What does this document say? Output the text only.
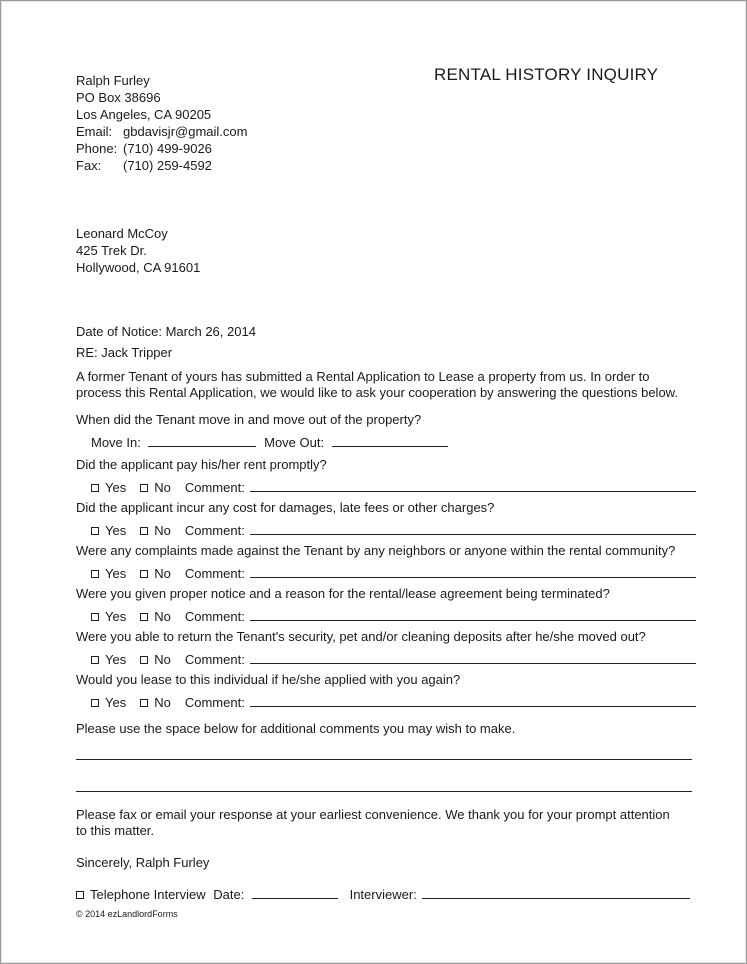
RENTAL HISTORY INQUIRY
Ralph Furley
PO Box 38696
Los Angeles, CA 90205
Email: gbdavisjr@gmail.com
Phone: (710) 499-9026
Fax: (710) 259-4592
Leonard McCoy
425 Trek Dr.
Hollywood, CA 91601
Date of Notice: March 26, 2014
RE: Jack Tripper
A former Tenant of yours has submitted a Rental Application to Lease a property from us. In order to
process this Rental Application, we would like to ask your cooperation by answering the questions below.
When did the Tenant move in and move out of the property?
Move In:	Move Out:
Did the applicant pay his/her rent promptly?
Yes No Comment:
Did the applicant incur any cost for damages, late fees or other charges?
Yes No Comment:
Were any complaints made against the Tenant by any neighbors or anyone within the rental community?
Yes No Comment:
Were you given proper notice and a reason for the rental/lease agreement being terminated?
Yes No Comment:
Were you able to return the Tenant's security, pet and/or cleaning deposits after he/she moved out?
Yes No Comment:
Would you lease to this individual if he/she applied with you again?
Yes No Comment:
Please use the space below for additional comments you may wish to make.
Please fax or email your response at your earliest convenience. We thank you for your prompt attention
to this matter.
Sincerely, Ralph Furley
Telephone Interview Date:	Interviewer:
© 2014 ezLandlordForms
